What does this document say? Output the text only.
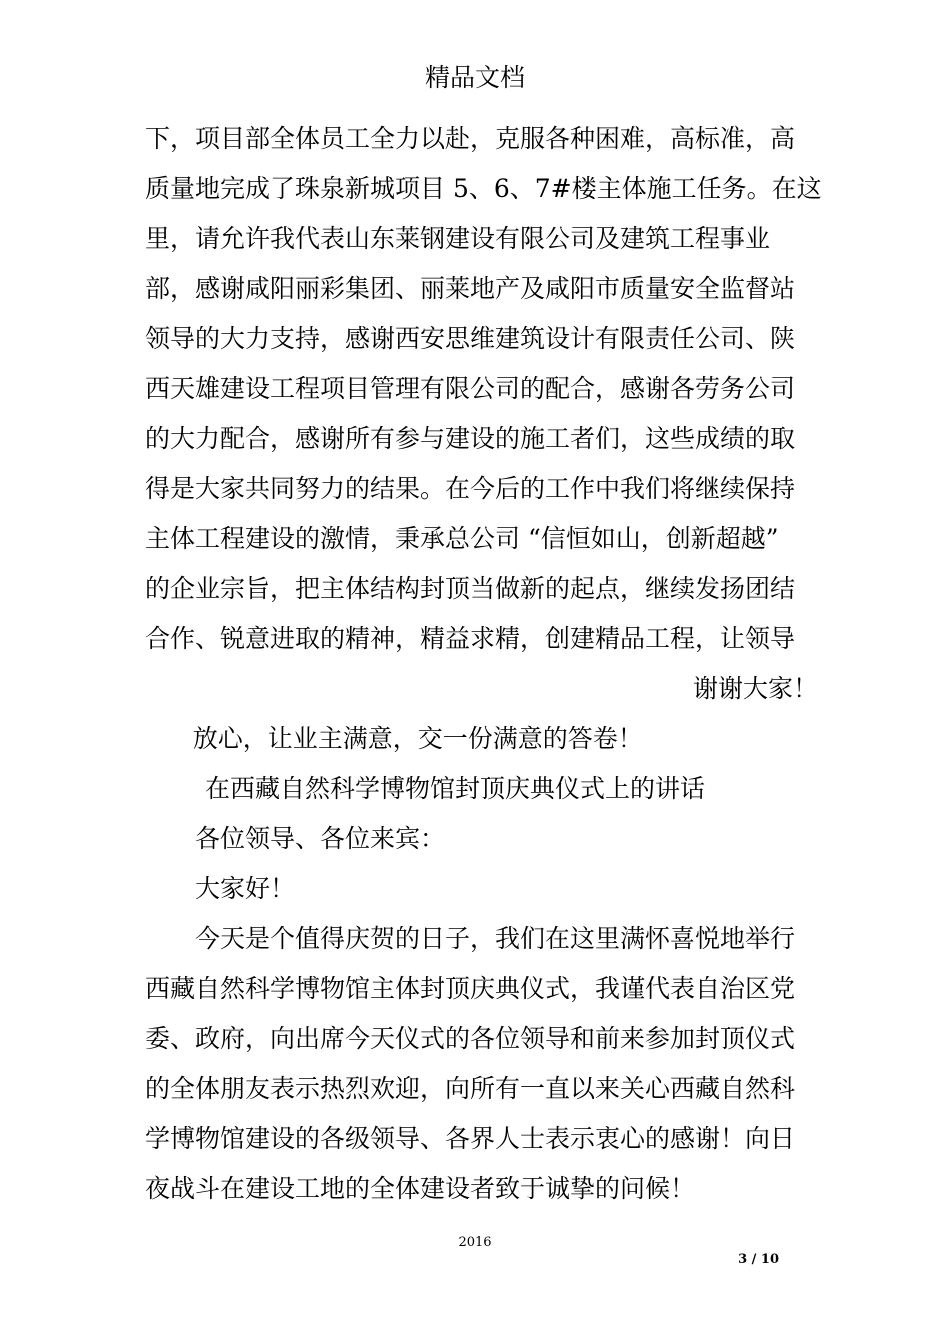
精品文档
下，项目部全体员工全力以赴，克服各种困难，高标准，高
质量地完成了珠泉新城项目 5、6、7#楼主体施工任务。在这
里，请允许我代表山东莱钢建设有限公司及建筑工程事业
部，感谢咸阳丽彩集团、丽莱地产及咸阳市质量安全监督站
领导的大力支持，感谢西安思维建筑设计有限责任公司、陕
西天雄建设工程项目管理有限公司的配合，感谢各劳务公司
的大力配合，感谢所有参与建设的施工者们，这些成绩的取
得是大家共同努力的结果。在今后的工作中我们将继续保持
主体工程建设的激情，秉承总公司 “信恒如山，创新超越”
的企业宗旨，把主体结构封顶当做新的起点，继续发扬团结
合作、锐意进取的精神，精益求精，创建精品工程，让领导

放心，让业主满意，交一份满意的答卷！

谢谢大家！

在西藏自然科学博物馆封顶庆典仪式上的讲话
各位领导、各位来宾：
大家好！
今天是个值得庆贺的日子，我们在这里满怀喜悦地举行
西藏自然科学博物馆主体封顶庆典仪式，我谨代表自治区党
委、政府，向出席今天仪式的各位领导和前来参加封顶仪式
的全体朋友表示热烈欢迎，向所有一直以来关心西藏自然科
学博物馆建设的各级领导、各界人士表示衷心的感谢！向日
夜战斗在建设工地的全体建设者致于诚挚的问候！
2016
3 / 10
